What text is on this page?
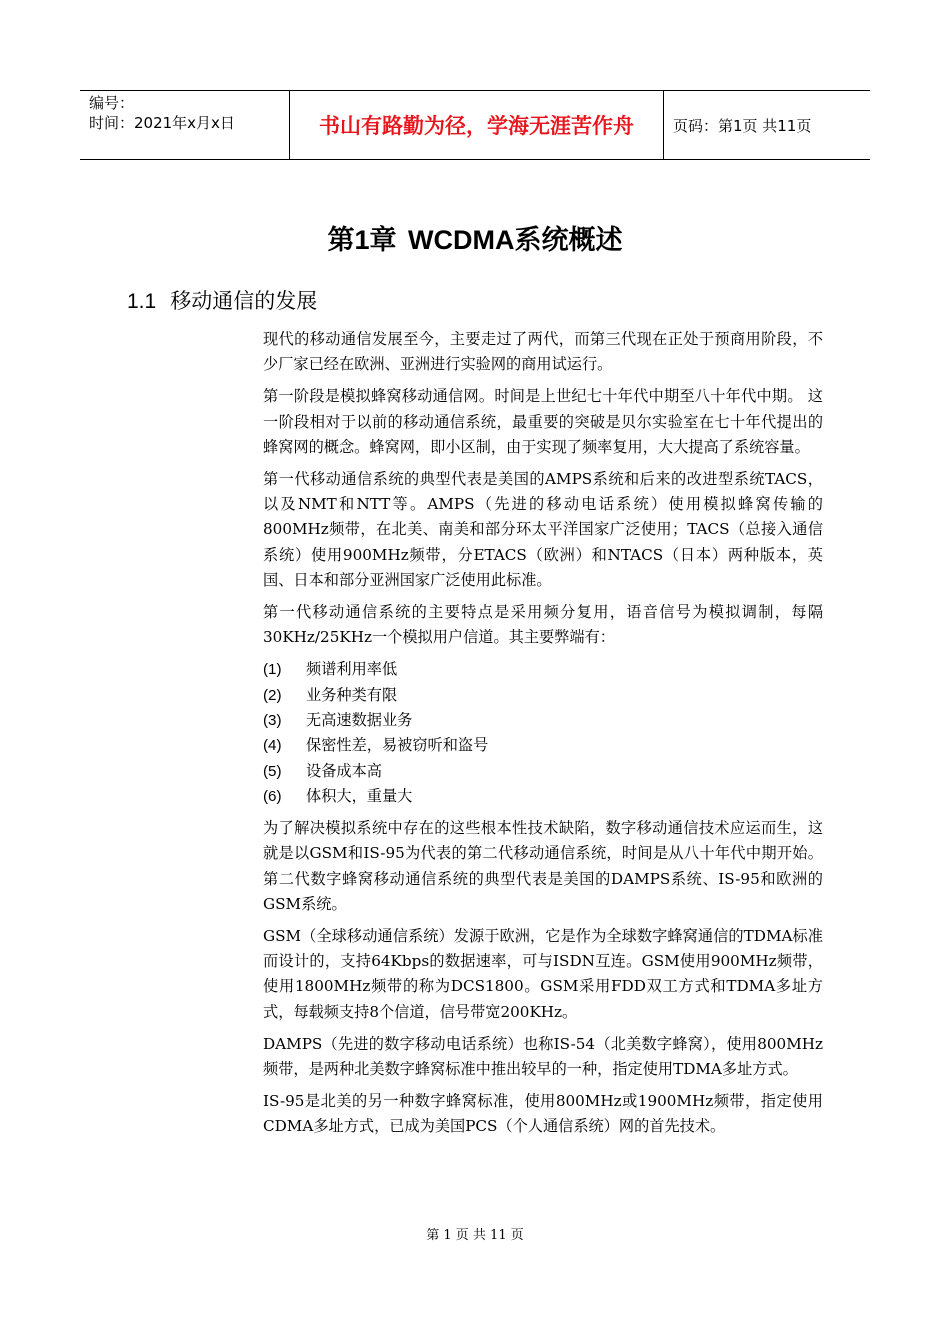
编号：
时间：2021年x月x日	书山有路勤为径，学海无涯苦作舟	页码：第1页 共11页
第1章 WCDMA系统概述
1.1 移动通信的发展

现代的移动通信发展至今，主要走过了两代，而第三代现在正处于预商用阶段，不少厂家已经在欧洲、亚洲进行实验网的商用试运行。

第一阶段是模拟蜂窝移动通信网。时间是上世纪七十年代中期至八十年代中期。 这一阶段相对于以前的移动通信系统，最重要的突破是贝尔实验室在七十年代提出的蜂窝网的概念。蜂窝网，即小区制，由于实现了频率复用，大大提高了系统容量。

第一代移动通信系统的典型代表是美国的AMPS系统和后来的改进型系统TACS，以及NMT和NTT等。AMPS（先进的移动电话系统）使用模拟蜂窝传输的800MHz频带，在北美、南美和部分环太平洋国家广泛使用；TACS（总接入通信系统）使用900MHz频带，分ETACS（欧洲）和NTACS（日本）两种版本，英国、日本和部分亚洲国家广泛使用此标准。

第一代移动通信系统的主要特点是采用频分复用，语音信号为模拟调制，每隔30KHz/25KHz一个模拟用户信道。其主要弊端有：

(1)	频谱利用率低
(2)	业务种类有限
(3)	无高速数据业务
(4)	保密性差，易被窃听和盗号
(5)	设备成本高
(6)	体积大，重量大

为了解决模拟系统中存在的这些根本性技术缺陷，数字移动通信技术应运而生，这就是以GSM和IS-95为代表的第二代移动通信系统，时间是从八十年代中期开始。第二代数字蜂窝移动通信系统的典型代表是美国的DAMPS系统、IS-95和欧洲的GSM系统。

GSM（全球移动通信系统）发源于欧洲，它是作为全球数字蜂窝通信的TDMA标准而设计的，支持64Kbps的数据速率，可与ISDN互连。GSM使用900MHz频带，使用1800MHz频带的称为DCS1800。GSM采用FDD双工方式和TDMA多址方式，每载频支持8个信道，信号带宽200KHz。

DAMPS（先进的数字移动电话系统）也称IS-54（北美数字蜂窝），使用800MHz频带，是两种北美数字蜂窝标准中推出较早的一种，指定使用TDMA多址方式。

IS-95是北美的另一种数字蜂窝标准，使用800MHz或1900MHz频带，指定使用CDMA多址方式，已成为美国PCS（个人通信系统）网的首先技术。

第 1 页 共 11 页
